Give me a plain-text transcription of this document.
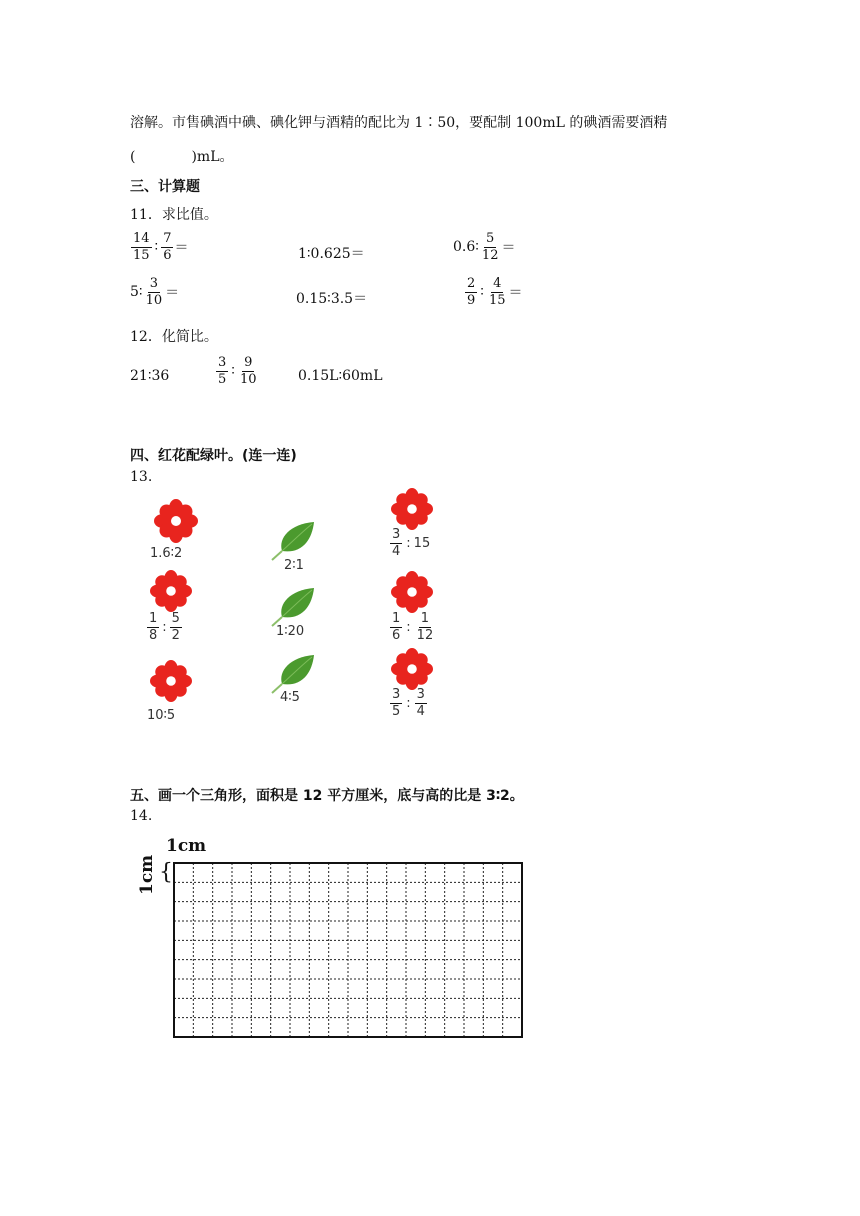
溶解。市售碘酒中碘、碘化钾与酒精的配比为 1∶50，要配制 100mL 的碘酒需要酒精
(　　　　)mL。
三、计算题
11．求比值。
$\frac{14}{15}$ ∶ $\frac{7}{6}$ ＝	1∶0.625＝	0.6∶ $\frac{5}{12}$ ＝
5∶ $\frac{3}{10}$ ＝	0.15∶3.5＝	$\frac{2}{9}$ ∶ $\frac{4}{15}$ ＝
12．化简比。
21∶36	$\frac{3}{5}$ ∶ $\frac{9}{10}$	0.15L∶60mL
四、红花配绿叶。(连一连)
13.
1.6∶2
$\frac{1}{8}$ : $\frac{5}{2}$
10∶5
2∶1
1∶20
4∶5
$\frac{3}{4}$ : 15
$\frac{1}{6}$ : $\frac{1}{12}$
$\frac{3}{5}$ : $\frac{3}{4}$
五、画一个三角形，面积是 12 平方厘米，底与高的比是 3∶2。
14.
1cm
1cm {
